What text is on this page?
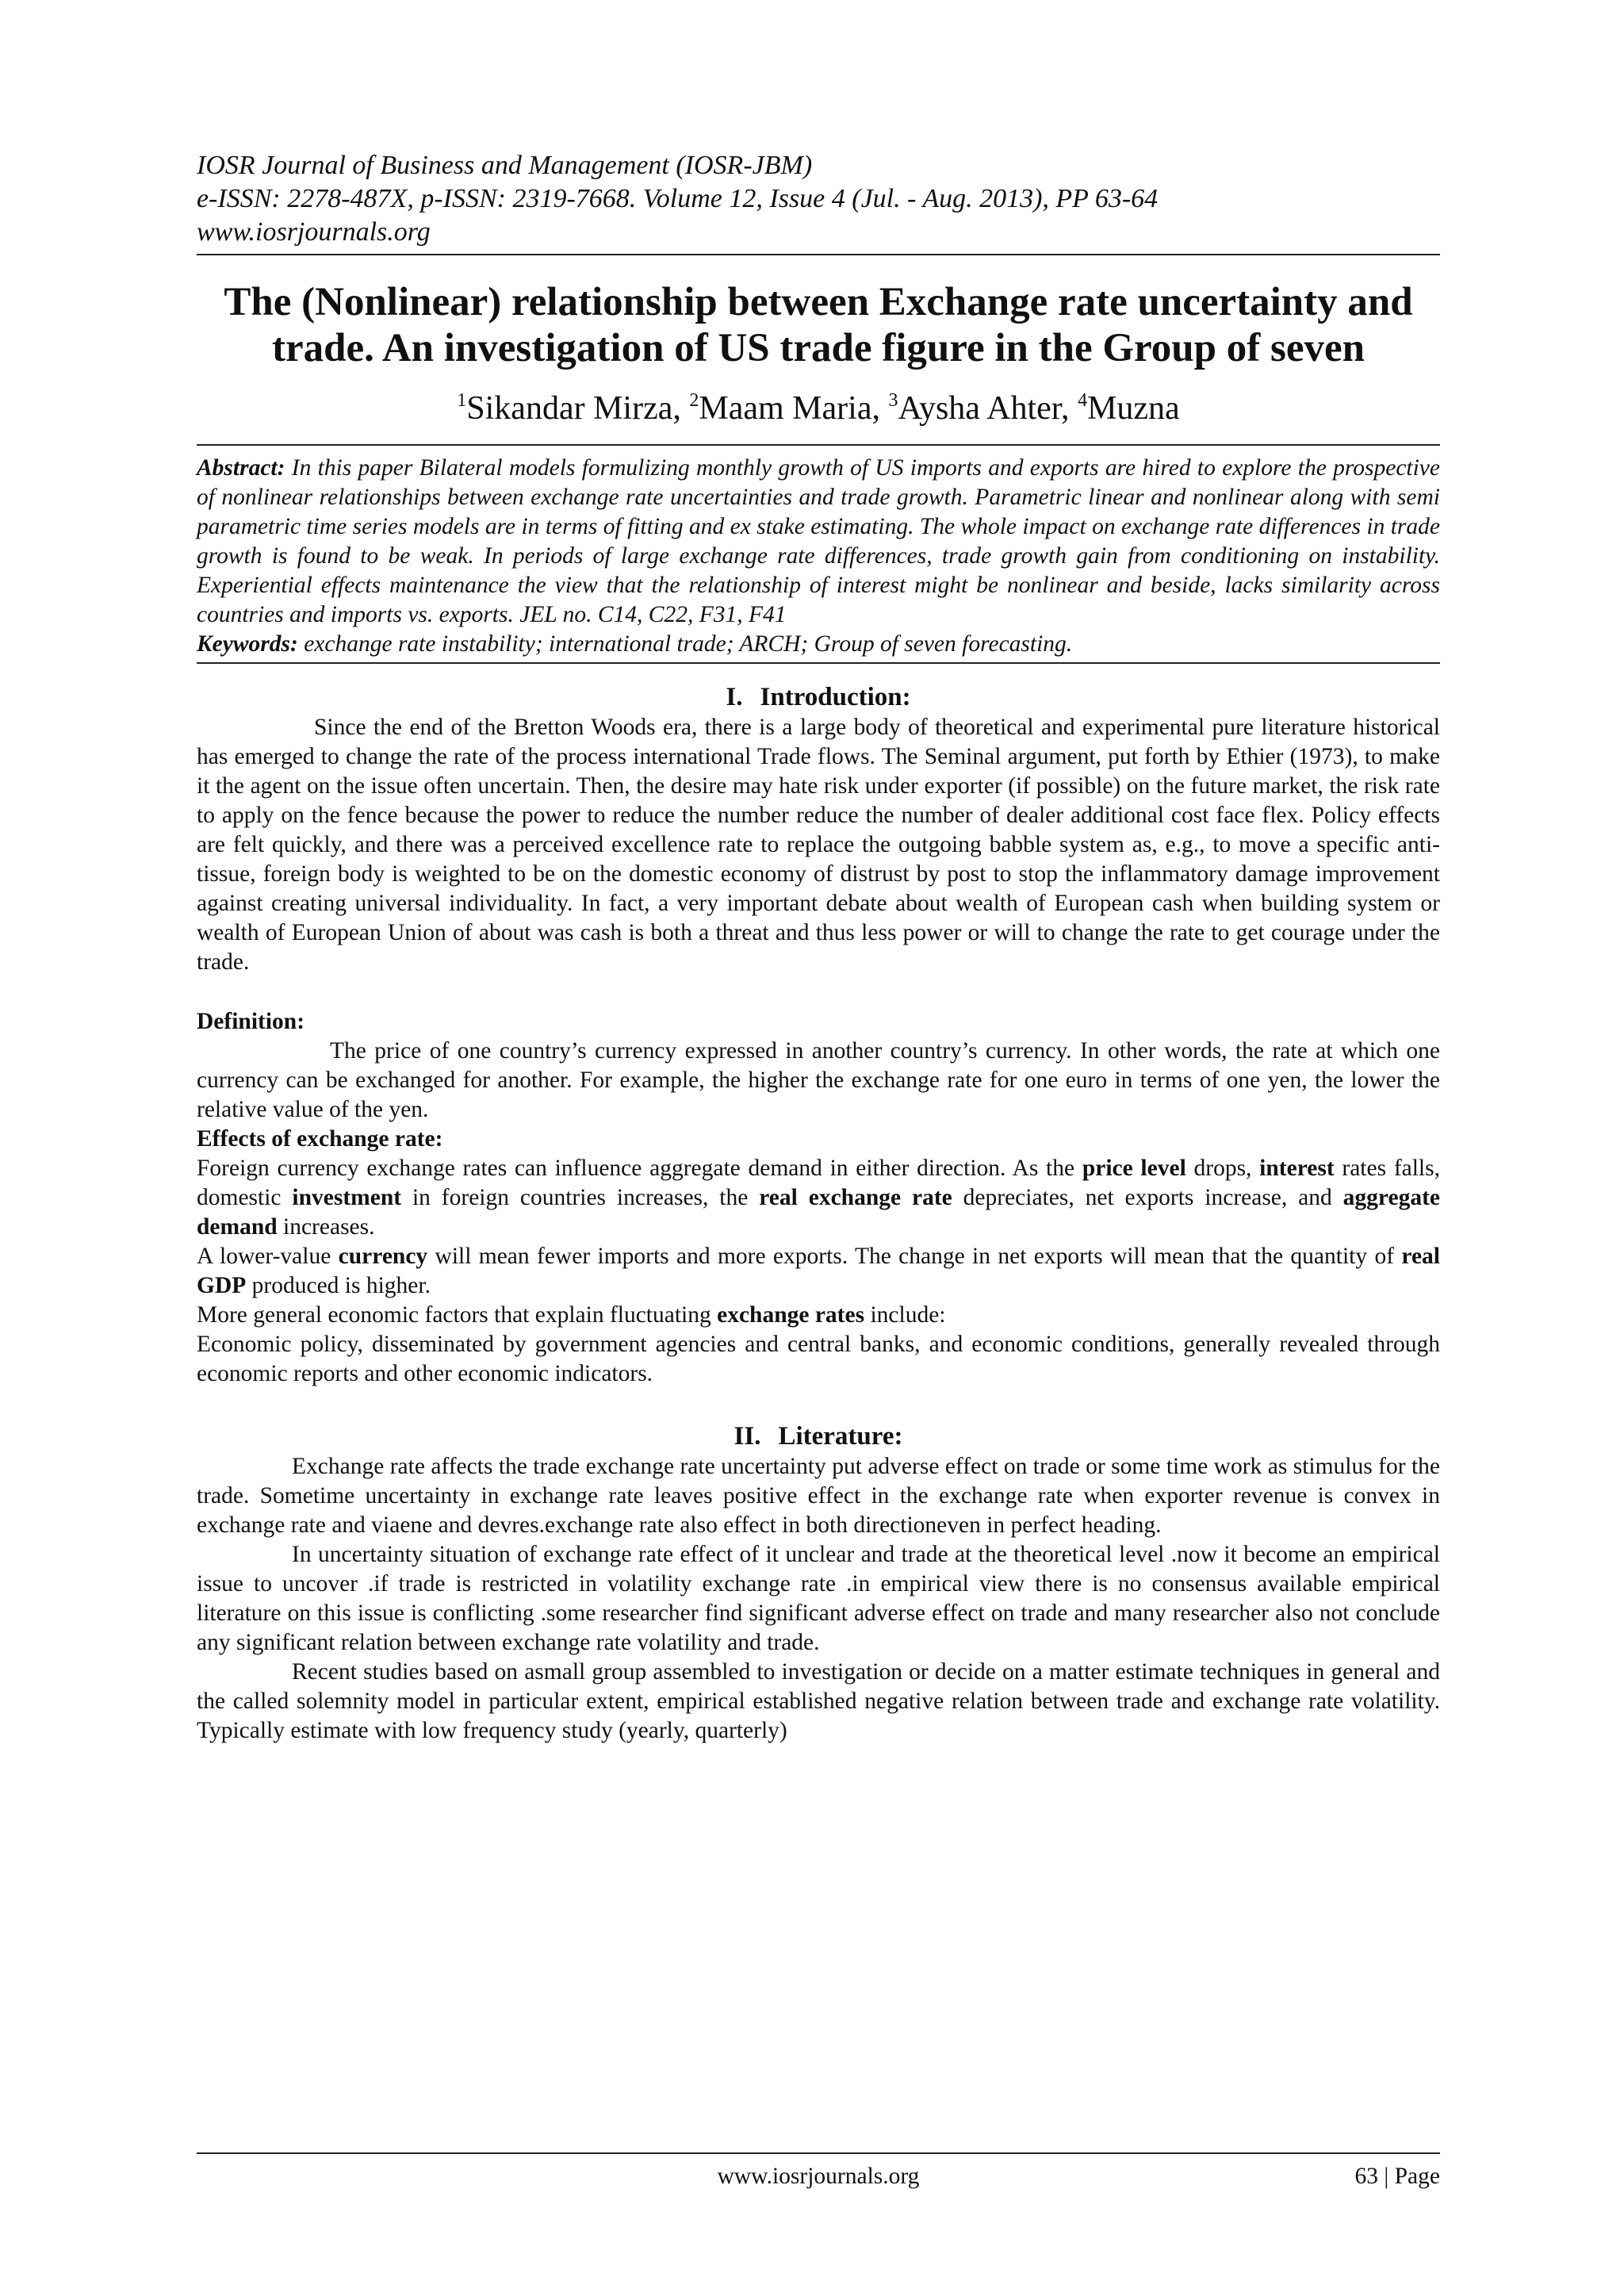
IOSR Journal of Business and Management (IOSR-JBM)
e-ISSN: 2278-487X, p-ISSN: 2319-7668. Volume 12, Issue 4 (Jul. - Aug. 2013), PP 63-64
www.iosrjournals.org
The (Nonlinear) relationship between Exchange rate uncertainty and trade. An investigation of US trade figure in the Group of seven
$^1$Sikandar Mirza, $^2$Maam Maria, $^3$Aysha Ahter, $^4$Muzna
Abstract: In this paper Bilateral models formulizing monthly growth of US imports and exports are hired to explore the prospective of nonlinear relationships between exchange rate uncertainties and trade growth. Parametric linear and nonlinear along with semi parametric time series models are in terms of fitting and ex stake estimating. The whole impact on exchange rate differences in trade growth is found to be weak. In periods of large exchange rate differences, trade growth gain from conditioning on instability. Experiential effects maintenance the view that the relationship of interest might be nonlinear and beside, lacks similarity across countries and imports vs. exports. JEL no. C14, C22, F31, F41
Keywords: exchange rate instability; international trade; ARCH; Group of seven forecasting.
I. Introduction:

Since the end of the Bretton Woods era, there is a large body of theoretical and experimental pure literature historical has emerged to change the rate of the process international Trade flows. The Seminal argument, put forth by Ethier (1973), to make it the agent on the issue often uncertain. Then, the desire may hate risk under exporter (if possible) on the future market, the risk rate to apply on the fence because the power to reduce the number reduce the number of dealer additional cost face flex. Policy effects are felt quickly, and there was a perceived excellence rate to replace the outgoing babble system as, e.g., to move a specific anti-tissue, foreign body is weighted to be on the domestic economy of distrust by post to stop the inflammatory damage improvement against creating universal individuality. In fact, a very important debate about wealth of European cash when building system or wealth of European Union of about was cash is both a threat and thus less power or will to change the rate to get courage under the trade.

Definition:

The price of one country’s currency expressed in another country’s currency. In other words, the rate at which one currency can be exchanged for another. For example, the higher the exchange rate for one euro in terms of one yen, the lower the relative value of the yen.

Effects of exchange rate:

Foreign currency exchange rates can influence aggregate demand in either direction. As the price level drops, interest rates falls, domestic investment in foreign countries increases, the real exchange rate depreciates, net exports increase, and aggregate demand increases.

A lower-value currency will mean fewer imports and more exports. The change in net exports will mean that the quantity of real GDP produced is higher.

More general economic factors that explain fluctuating exchange rates include:

Economic policy, disseminated by government agencies and central banks, and economic conditions, generally revealed through economic reports and other economic indicators.

II. Literature:

Exchange rate affects the trade exchange rate uncertainty put adverse effect on trade or some time work as stimulus for the trade. Sometime uncertainty in exchange rate leaves positive effect in the exchange rate when exporter revenue is convex in exchange rate and viaene and devres.exchange rate also effect in both directioneven in perfect heading.

In uncertainty situation of exchange rate effect of it unclear and trade at the theoretical level .now it become an empirical issue to uncover .if trade is restricted in volatility exchange rate .in empirical view there is no consensus available empirical literature on this issue is conflicting .some researcher find significant adverse effect on trade and many researcher also not conclude any significant relation between exchange rate volatility and trade.

Recent studies based on asmall group assembled to investigation or decide on a matter estimate techniques in general and the called solemnity model in particular extent, empirical established negative relation between trade and exchange rate volatility. Typically estimate with low frequency study (yearly, quarterly)

www.iosrjournals.org	63 | Page
